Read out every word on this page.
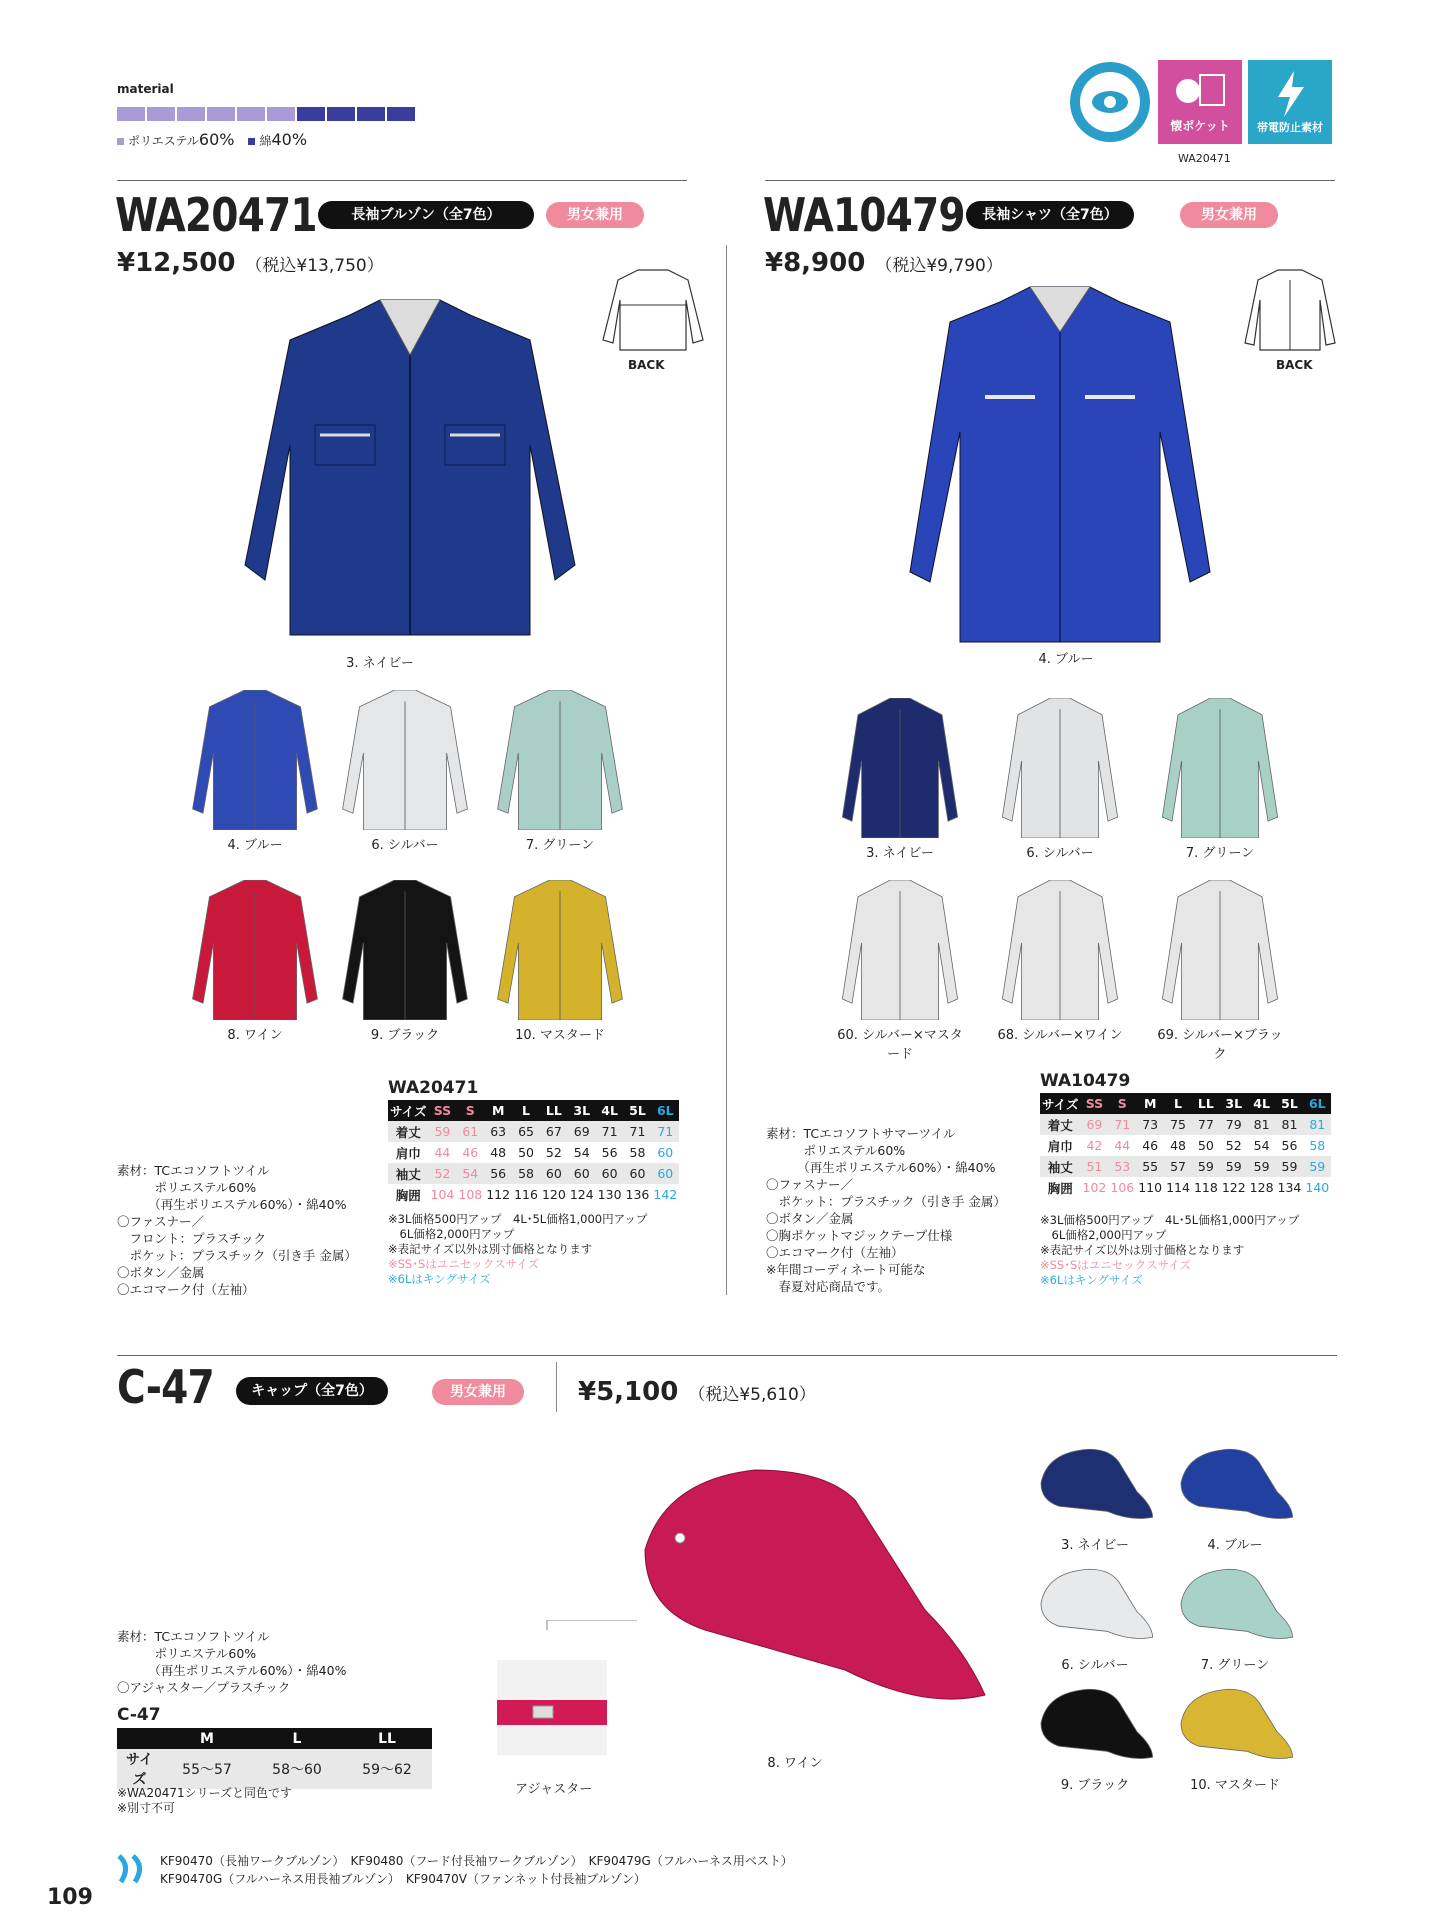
material
ポリエステル60%	綿40%
懐ポケット 帯電防止素材
WA20471
WA20471	長袖ブルゾン（全7色）	男女兼用
¥12,500 （税込¥13,750）
BACK
3. ネイビー
素材：TCエコソフトツイル
　　　ポリエステル60%
　　　（再生ポリエステル60%）・綿40%
〇ファスナー／
　フロント：プラスチック
　ポケット：プラスチック（引き手 金属）
〇ボタン／金属
〇エコマーク付（左袖）
WA20471
サイズ	SS	S	M	L	LL	3L	4L	5L	6L
着丈	59	61	63	65	67	69	71	71	71
肩巾	44	46	48	50	52	54	56	58	60
袖丈	52	54	56	58	60	60	60	60	60
胸囲	104	108	112	116	120	124	130	136	142
※3L価格500円アップ　4L･5L価格1,000円アップ
　6L価格2,000円アップ
※表記サイズ以外は別寸価格となります
※SS･Sはユニセックスサイズ
※6Lはキングサイズ
WA10479	長袖シャツ（全7色）	男女兼用
¥8,900 （税込¥9,790）
BACK
4. ブルー
素材：TCエコソフトサマーツイル
　　　ポリエステル60%
　　　（再生ポリエステル60%）・綿40%
〇ファスナー／
　ポケット：プラスチック（引き手 金属）
〇ボタン／金属
〇胸ポケットマジックテープ仕様
〇エコマーク付（左袖）
※年間コーディネート可能な
　春夏対応商品です。
WA10479
サイズ	SS	S	M	L	LL	3L	4L	5L	6L
着丈	69	71	73	75	77	79	81	81	81
肩巾	42	44	46	48	50	52	54	56	58
袖丈	51	53	55	57	59	59	59	59	59
胸囲	102	106	110	114	118	122	128	134	140
※3L価格500円アップ　4L･5L価格1,000円アップ
　6L価格2,000円アップ
※表記サイズ以外は別寸価格となります
※SS･Sはユニセックスサイズ
※6Lはキングサイズ
C-47	キャップ（全7色）	男女兼用	¥5,100 （税込¥5,610）
8. ワイン
アジャスター
素材：TCエコソフトツイル
　　　ポリエステル60%
　　　（再生ポリエステル60%）・綿40%
〇アジャスター／プラスチック
C-47
	M	L	LL
サイズ	55〜57	58〜60	59〜62
※WA20471シリーズと同色です
※別寸不可
KF90470（長袖ワークブルゾン）　KF90480（フード付長袖ワークブルゾン）　KF90479G（フルハーネス用ベスト）
KF90470G（フルハーネス用長袖ブルゾン）　KF90470V（ファンネット付長袖ブルゾン）
109
4. ブルー	6. シルバー	7. グリーン
8. ワイン	9. ブラック	10. マスタード
3. ネイビー	6. シルバー	7. グリーン
60. シルバー×マスタード
68. シルバー×ワイン	69. シルバー×ブラック
3. ネイビー	4. ブルー
6. シルバー	7. グリーン
9. ブラック	10. マスタード
